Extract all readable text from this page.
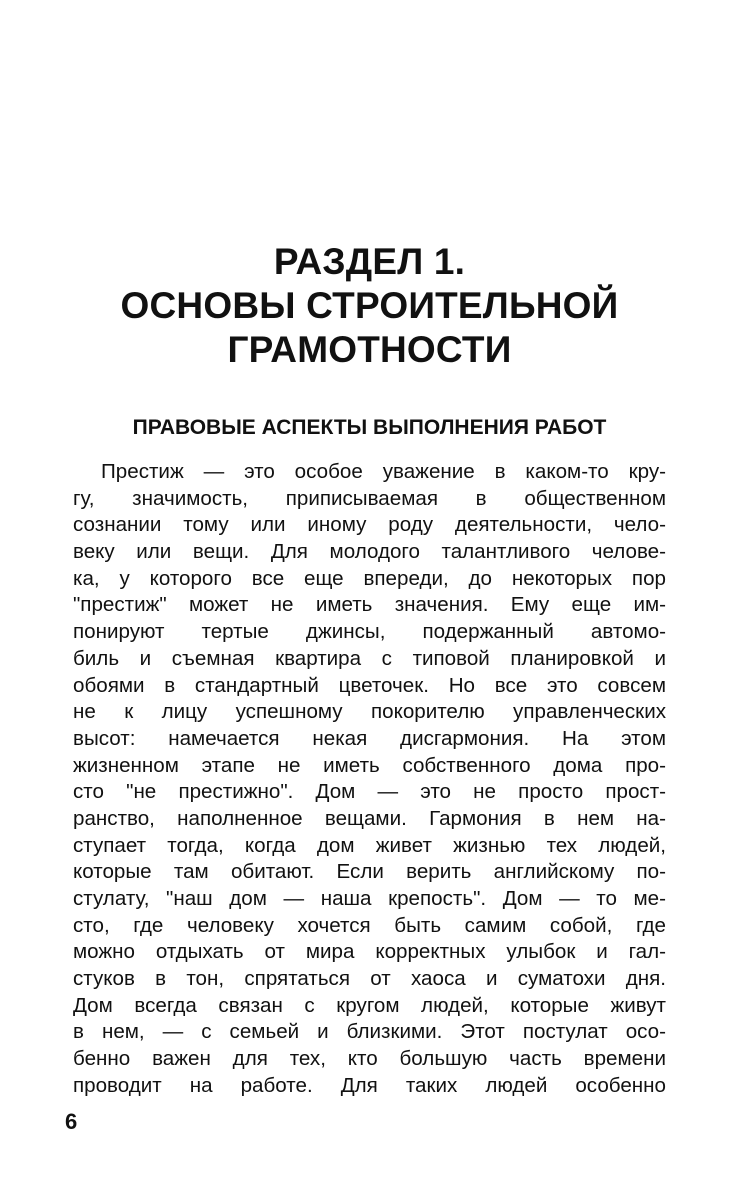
РАЗДЕЛ 1.
ОСНОВЫ СТРОИТЕЛЬНОЙ
ГРАМОТНОСТИ
ПРАВОВЫЕ АСПЕКТЫ ВЫПОЛНЕНИЯ РАБОТ
Престиж — это особое уважение в каком-то кру-
гу, значимость, приписываемая в общественном
сознании тому или иному роду деятельности, чело-
веку или вещи. Для молодого талантливого челове-
ка, у которого все еще впереди, до некоторых пор
"престиж" может не иметь значения. Ему еще им-
понируют тертые джинсы, подержанный автомо-
биль и съемная квартира с типовой планировкой и
обоями в стандартный цветочек. Но все это совсем
не к лицу успешному покорителю управленческих
высот: намечается некая дисгармония. На этом
жизненном этапе не иметь собственного дома про-
сто "не престижно". Дом — это не просто прост-
ранство, наполненное вещами. Гармония в нем на-
ступает тогда, когда дом живет жизнью тех людей,
которые там обитают. Если верить английскому по-
стулату, "наш дом — наша крепость". Дом — то ме-
сто, где человеку хочется быть самим собой, где
можно отдыхать от мира корректных улыбок и гал-
стуков в тон, спрятаться от хаоса и суматохи дня.
Дом всегда связан с кругом людей, которые живут
в нем, — с семьей и близкими. Этот постулат осо-
бенно важен для тех, кто большую часть времени
проводит на работе. Для таких людей особенно
6
